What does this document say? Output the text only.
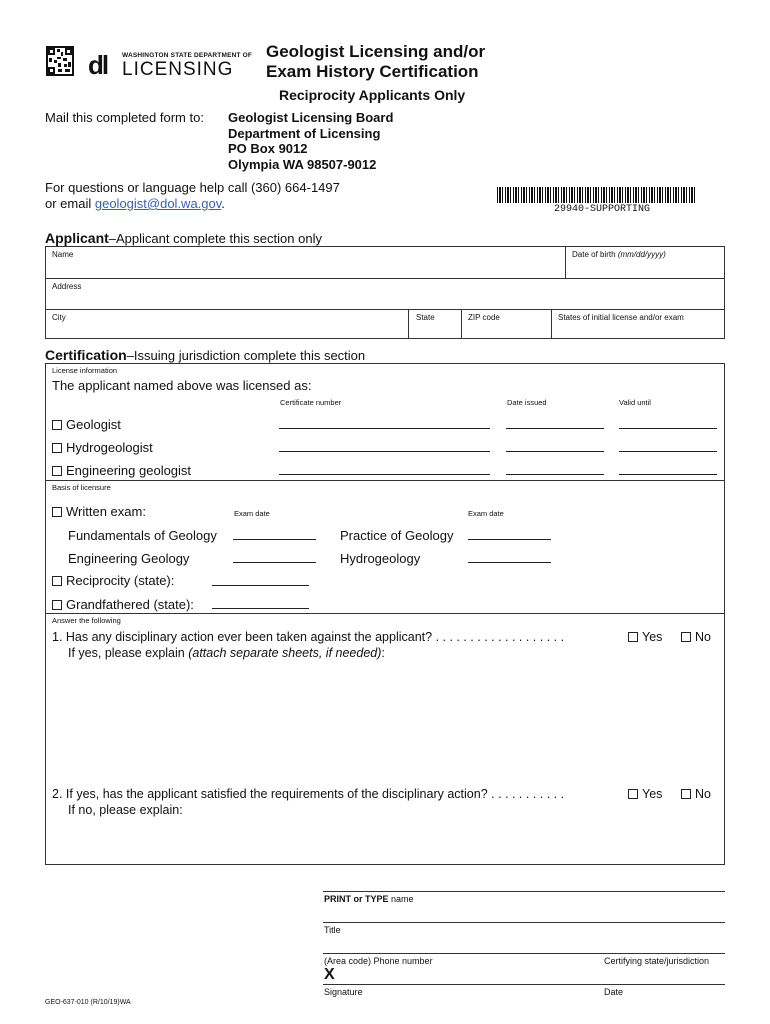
dl WASHINGTON STATE DEPARTMENT OF
LICENSING
Geologist Licensing and/or
Exam History Certification
Reciprocity Applicants Only
Mail this completed form to: Geologist Licensing Board
Department of Licensing
PO Box 9012
Olympia WA 98507-9012
For questions or language help call (360) 664-1497
or email geologist@dol.wa.gov.	29940-SUPPORTING
Applicant–Applicant complete this section only
Name	Date of birth (mm/dd/yyyy)
Address
City	State	ZIP code	States of initial license and/or exam
Certification–Issuing jurisdiction complete this section
License information
The applicant named above was licensed as:
Certificate number	Date issued	Valid until
Geologist
Hydrogeologist
Engineering geologist
Basis of licensure
Written exam:	Exam date	Exam date
Fundamentals of Geology	Practice of Geology
Engineering Geology	Hydrogeology
Reciprocity (state):
Grandfathered (state):
Answer the following
1. Has any disciplinary action ever been taken against the applicant? . . . . . . . . . . . . . . . . . . .
If yes, please explain (attach separate sheets, if needed):
Yes	No
2. If yes, has the applicant satisfied the requirements of the disciplinary action? . . . . . . . . . . .
If no, please explain:
Yes	No
PRINT or TYPE name
Title
(Area code) Phone number	Certifying state/jurisdiction
X
Signature	Date
GEO-637-010 (R/10/19)WA
